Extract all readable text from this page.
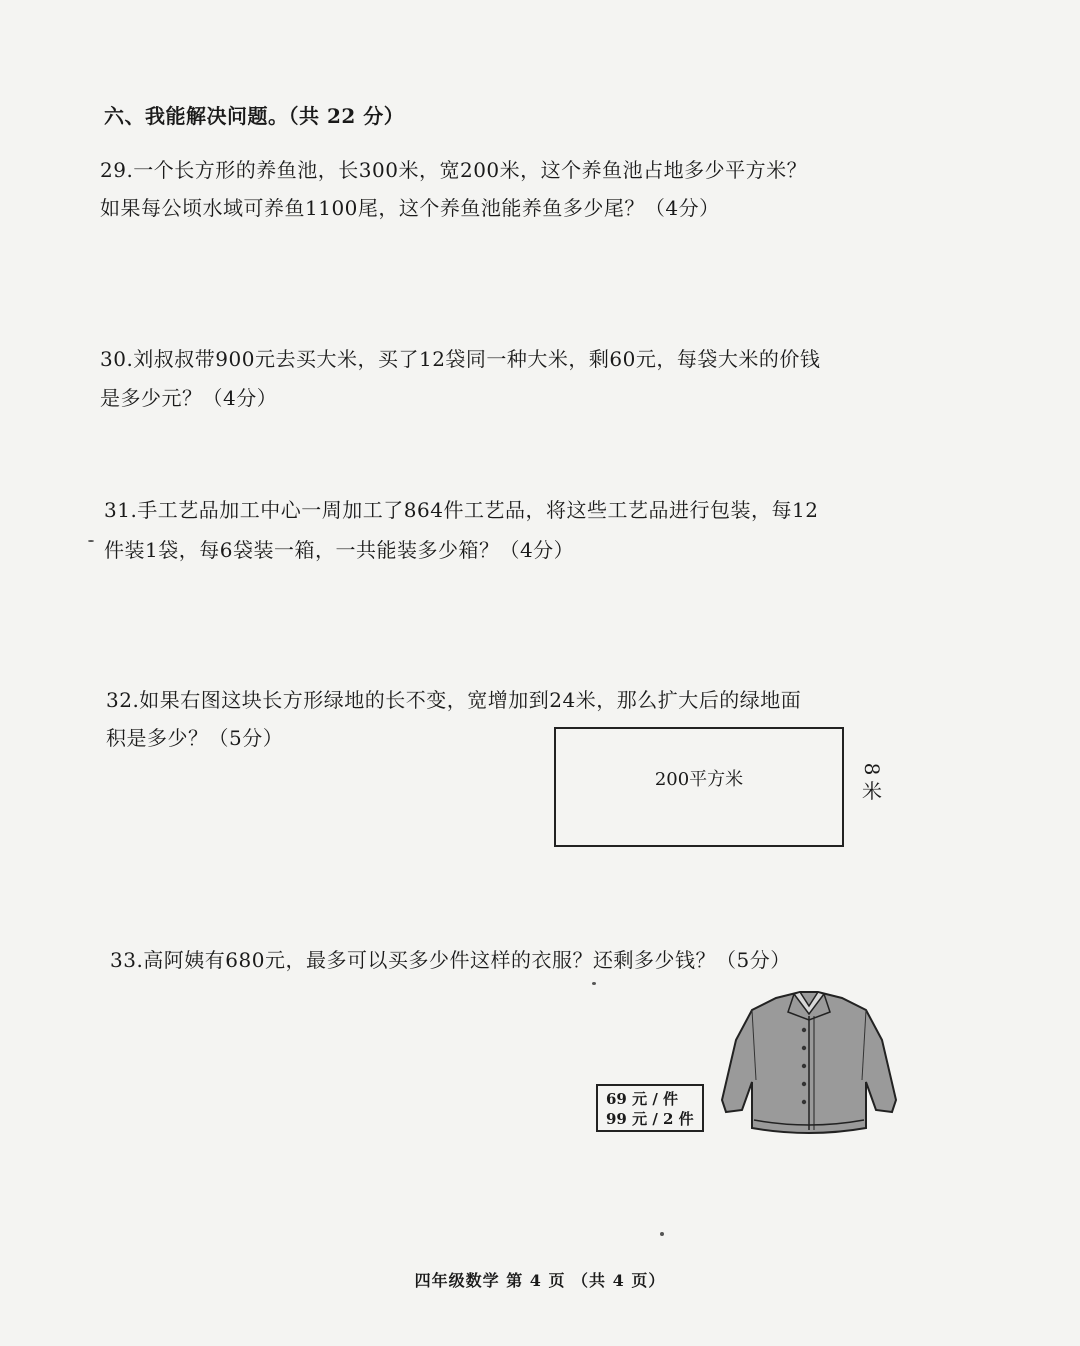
六、我能解决问题。（共 22 分）
29.一个长方形的养鱼池，长300米，宽200米，这个养鱼池占地多少平方米？
如果每公顷水域可养鱼1100尾，这个养鱼池能养鱼多少尾？（4分）
30.刘叔叔带900元去买大米，买了12袋同一种大米，剩60元，每袋大米的价钱
是多少元？（4分）
31.手工艺品加工中心一周加工了864件工艺品，将这些工艺品进行包装，每12
件装1袋，每6袋装一箱，一共能装多少箱？（4分）
32.如果右图这块长方形绿地的长不变，宽增加到24米，那么扩大后的绿地面
积是多少？（5分）
200平方米
8
米
33.高阿姨有680元，最多可以买多少件这样的衣服？还剩多少钱？（5分）
69 元 / 件
99 元 / 2 件
四年级数学 第 4 页 （共 4 页）
